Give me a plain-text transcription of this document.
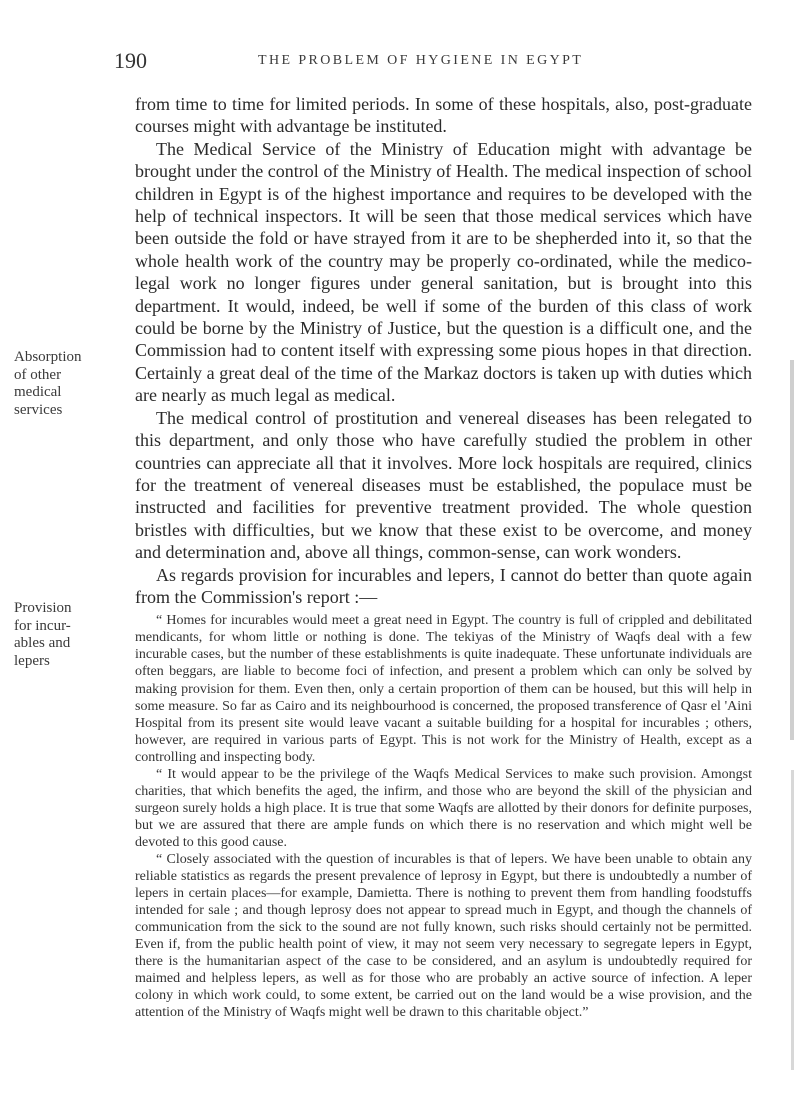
190	THE PROBLEM OF HYGIENE IN EGYPT
Absorption
of other
medical
services
Provision
for incur-
ables and
lepers

from time to time for limited periods. In some of these hospitals, also, post-graduate courses might with advantage be instituted.

The Medical Service of the Ministry of Education might with advantage be brought under the control of the Ministry of Health. The medical inspection of school children in Egypt is of the highest importance and requires to be developed with the help of technical inspectors. It will be seen that those medical services which have been outside the fold or have strayed from it are to be shepherded into it, so that the whole health work of the country may be properly co-ordinated, while the medico-legal work no longer figures under general sanitation, but is brought into this department. It would, indeed, be well if some of the burden of this class of work could be borne by the Ministry of Justice, but the question is a difficult one, and the Commission had to content itself with expressing some pious hopes in that direction. Certainly a great deal of the time of the Markaz doctors is taken up with duties which are nearly as much legal as medical.

The medical control of prostitution and venereal diseases has been relegated to this department, and only those who have carefully studied the problem in other countries can appreciate all that it involves. More lock hospitals are required, clinics for the treatment of venereal diseases must be established, the populace must be instructed and facilities for preventive treatment provided. The whole question bristles with difficulties, but we know that these exist to be overcome, and money and determination and, above all things, common-sense, can work wonders.

As regards provision for incurables and lepers, I cannot do better than quote again from the Commission's report :—

“ Homes for incurables would meet a great need in Egypt. The country is full of crippled and debilitated mendicants, for whom little or nothing is done. The tekiyas of the Ministry of Waqfs deal with a few incurable cases, but the number of these establishments is quite inadequate. These unfortunate individuals are often beggars, are liable to become foci of infection, and present a problem which can only be solved by making provision for them. Even then, only a certain proportion of them can be housed, but this will help in some measure. So far as Cairo and its neighbourhood is concerned, the proposed transference of Qasr el 'Aini Hospital from its present site would leave vacant a suitable building for a hospital for incurables ; others, however, are required in various parts of Egypt. This is not work for the Ministry of Health, except as a controlling and inspecting body.

“ It would appear to be the privilege of the Waqfs Medical Services to make such provision. Amongst charities, that which benefits the aged, the infirm, and those who are beyond the skill of the physician and surgeon surely holds a high place. It is true that some Waqfs are allotted by their donors for definite purposes, but we are assured that there are ample funds on which there is no reservation and which might well be devoted to this good cause.

“ Closely associated with the question of incurables is that of lepers. We have been unable to obtain any reliable statistics as regards the present prevalence of leprosy in Egypt, but there is undoubtedly a number of lepers in certain places—for example, Damietta. There is nothing to prevent them from handling foodstuffs intended for sale ; and though leprosy does not appear to spread much in Egypt, and though the channels of communication from the sick to the sound are not fully known, such risks should certainly not be permitted. Even if, from the public health point of view, it may not seem very necessary to segregate lepers in Egypt, there is the humanitarian aspect of the case to be considered, and an asylum is undoubtedly required for maimed and helpless lepers, as well as for those who are probably an active source of infection. A leper colony in which work could, to some extent, be carried out on the land would be a wise provision, and the attention of the Ministry of Waqfs might well be drawn to this charitable object.”
